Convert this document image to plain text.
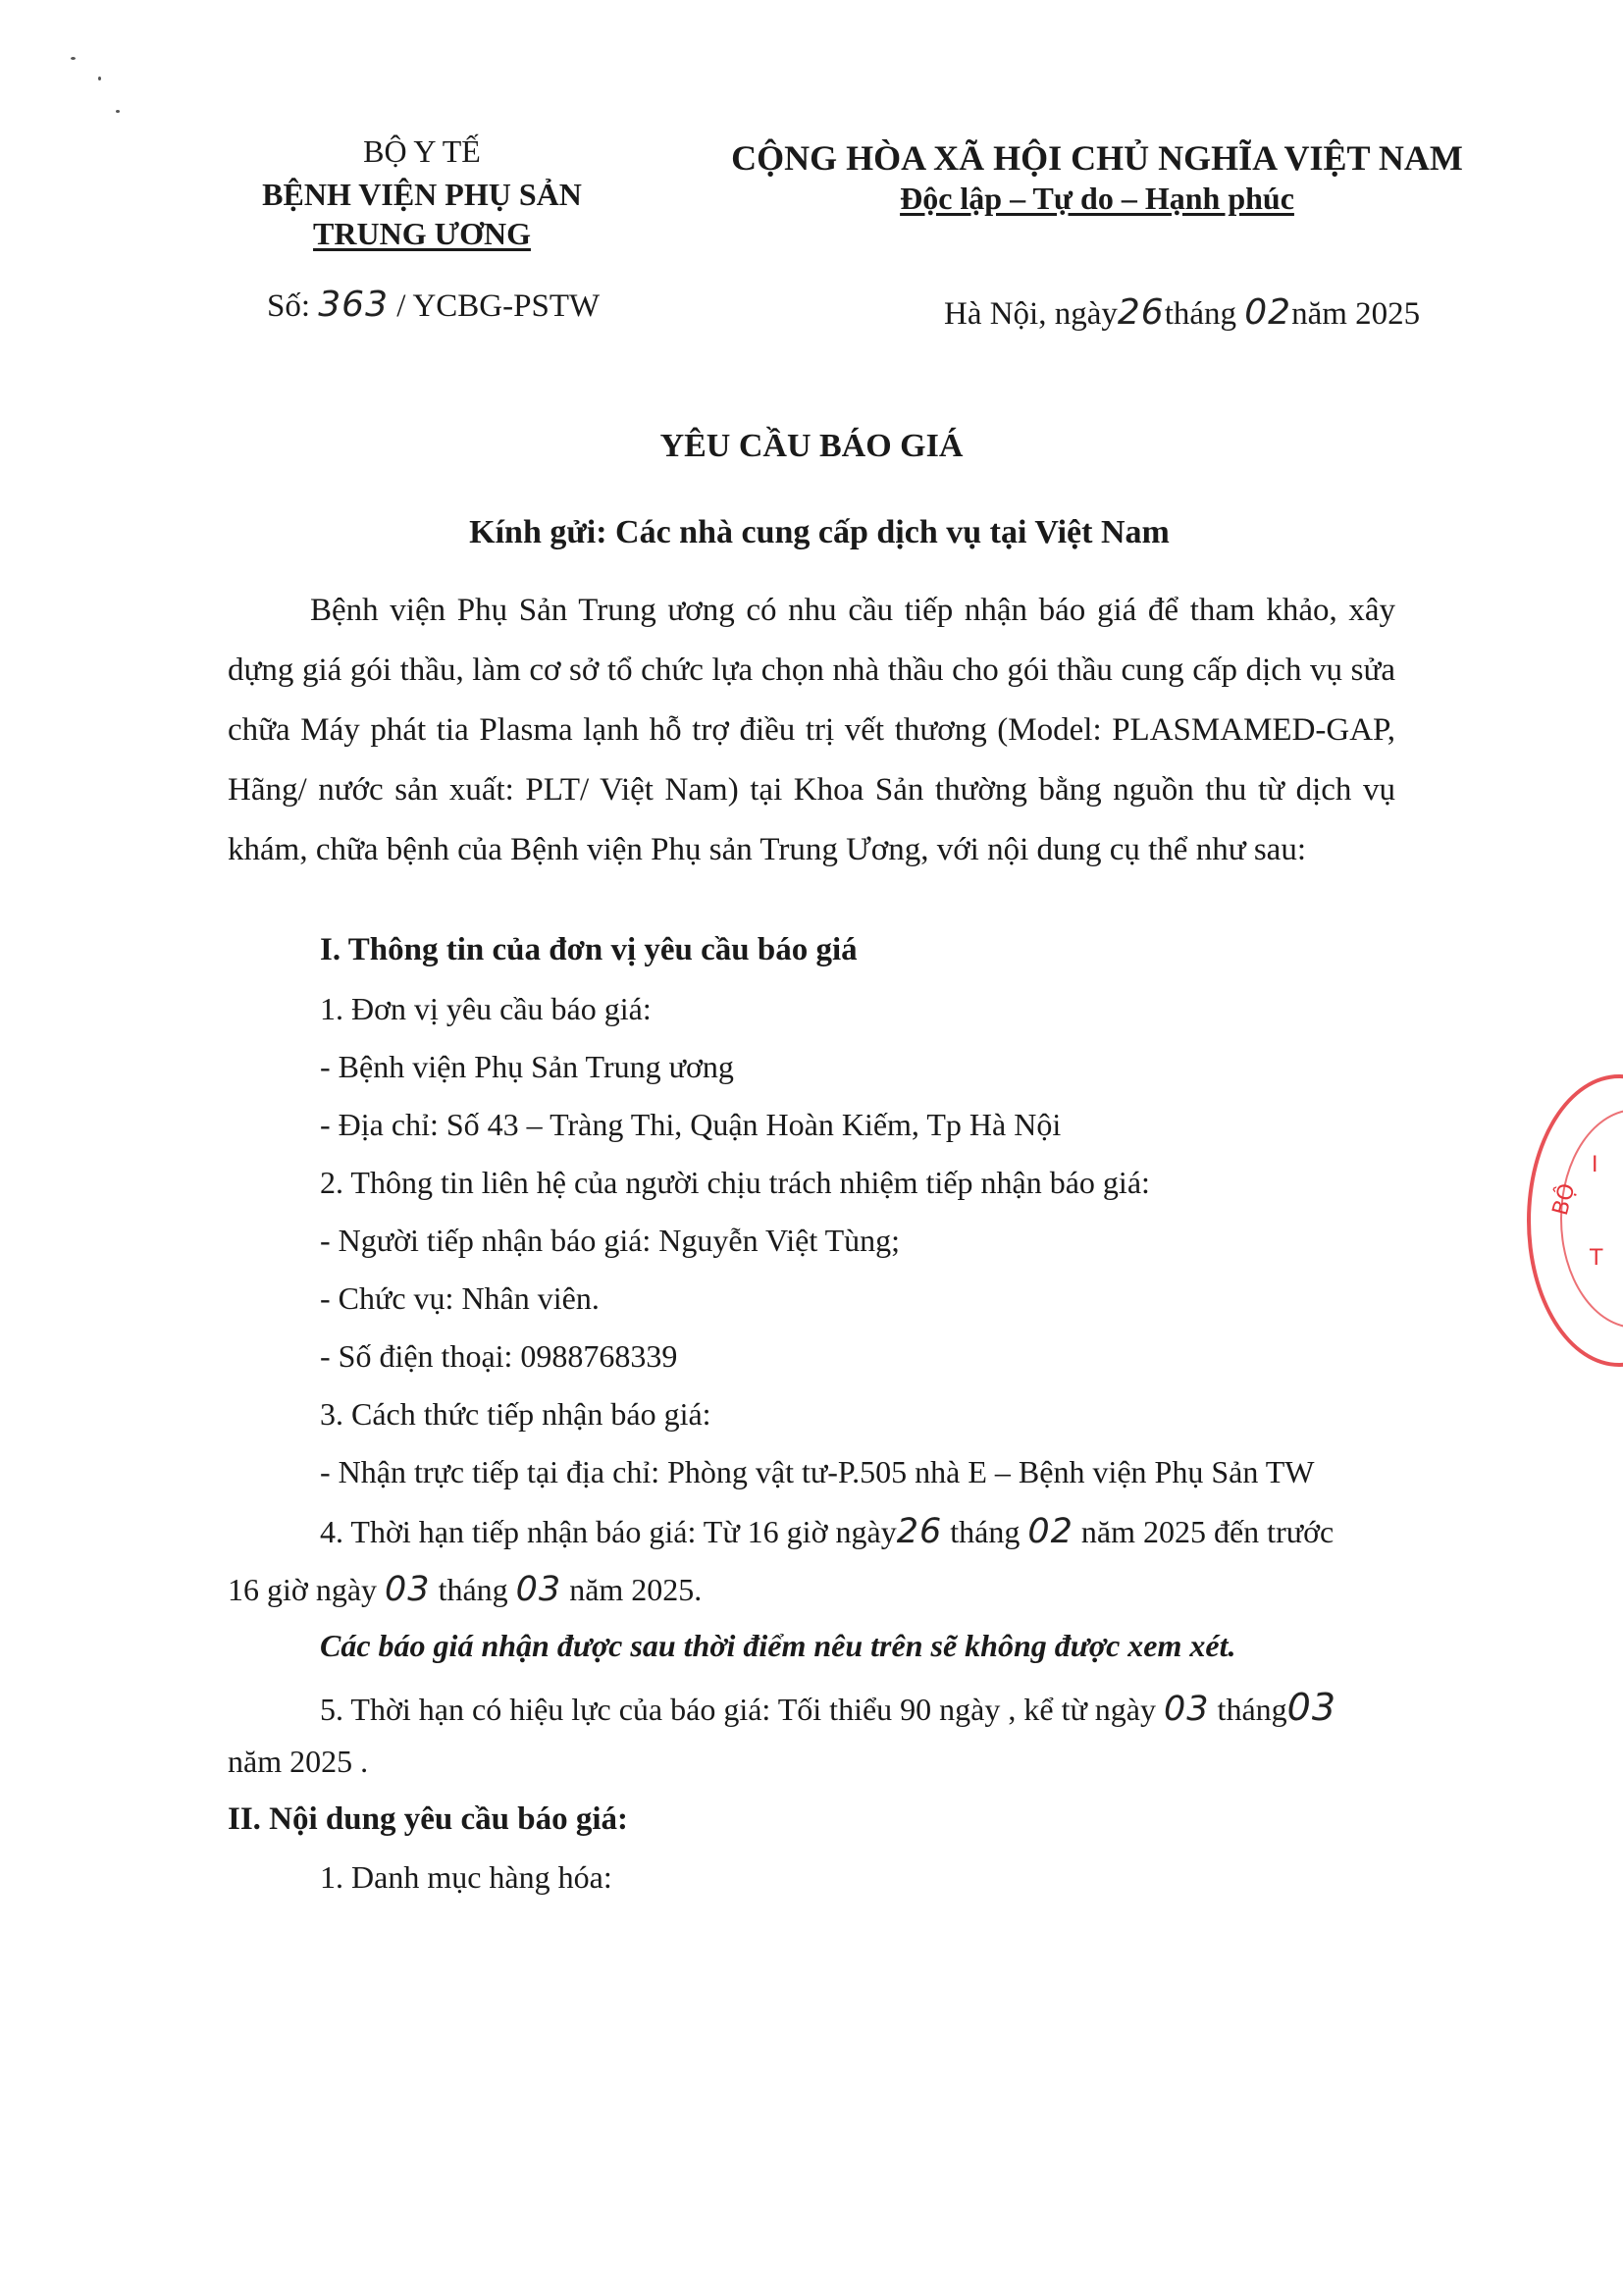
BỘ Y TẾ
BỆNH VIỆN PHỤ SẢN
TRUNG ƯƠNG
Số: 363 / YCBG-PSTW
CỘNG HÒA XÃ HỘI CHỦ NGHĨA VIỆT NAM
Độc lập – Tự do – Hạnh phúc
Hà Nội, ngày26tháng 02năm 2025
YÊU CẦU BÁO GIÁ
Kính gửi: Các nhà cung cấp dịch vụ tại Việt Nam
Bệnh viện Phụ Sản Trung ương có nhu cầu tiếp nhận báo giá để tham khảo, xây dựng giá gói thầu, làm cơ sở tổ chức lựa chọn nhà thầu cho gói thầu cung cấp dịch vụ sửa chữa Máy phát tia Plasma lạnh hỗ trợ điều trị vết thương (Model: PLASMAMED-GAP, Hãng/ nước sản xuất: PLT/ Việt Nam) tại Khoa Sản thường bằng nguồn thu từ dịch vụ khám, chữa bệnh của Bệnh viện Phụ sản Trung Ương, với nội dung cụ thể như sau:
I. Thông tin của đơn vị yêu cầu báo giá
1. Đơn vị yêu cầu báo giá:
- Bệnh viện Phụ Sản Trung ương
- Địa chỉ: Số 43 – Tràng Thi, Quận Hoàn Kiếm, Tp Hà Nội
2. Thông tin liên hệ của người chịu trách nhiệm tiếp nhận báo giá:
- Người tiếp nhận báo giá: Nguyễn Việt Tùng;
- Chức vụ: Nhân viên.
- Số điện thoại: 0988768339
3. Cách thức tiếp nhận báo giá:
- Nhận trực tiếp tại địa chỉ: Phòng vật tư-P.505 nhà E – Bệnh viện Phụ Sản TW
4. Thời hạn tiếp nhận báo giá: Từ 16 giờ ngày26 tháng 02 năm 2025 đến trước
16 giờ ngày 03 tháng 03 năm 2025.
Các báo giá nhận được sau thời điểm nêu trên sẽ không được xem xét.
5. Thời hạn có hiệu lực của báo giá: Tối thiểu 90 ngày , kể từ ngày 03 tháng03
năm 2025 .
II. Nội dung yêu cầu báo giá:
1. Danh mục hàng hóa:
BỘ
T
I
